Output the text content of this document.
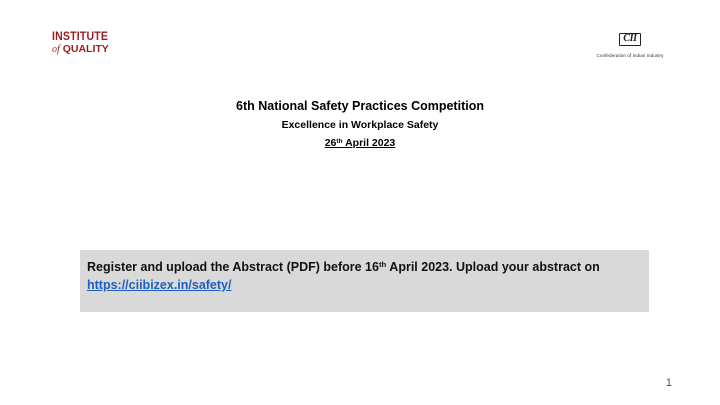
INSTITUTE
of QUALITY
CII
Confederation of Indian Industry
6th National Safety Practices Competition
Excellence in Workplace Safety
26th April 2023

Register and upload the Abstract (PDF) before 16th April 2023. Upload your abstract on
https://ciibizex.in/safety/

1
